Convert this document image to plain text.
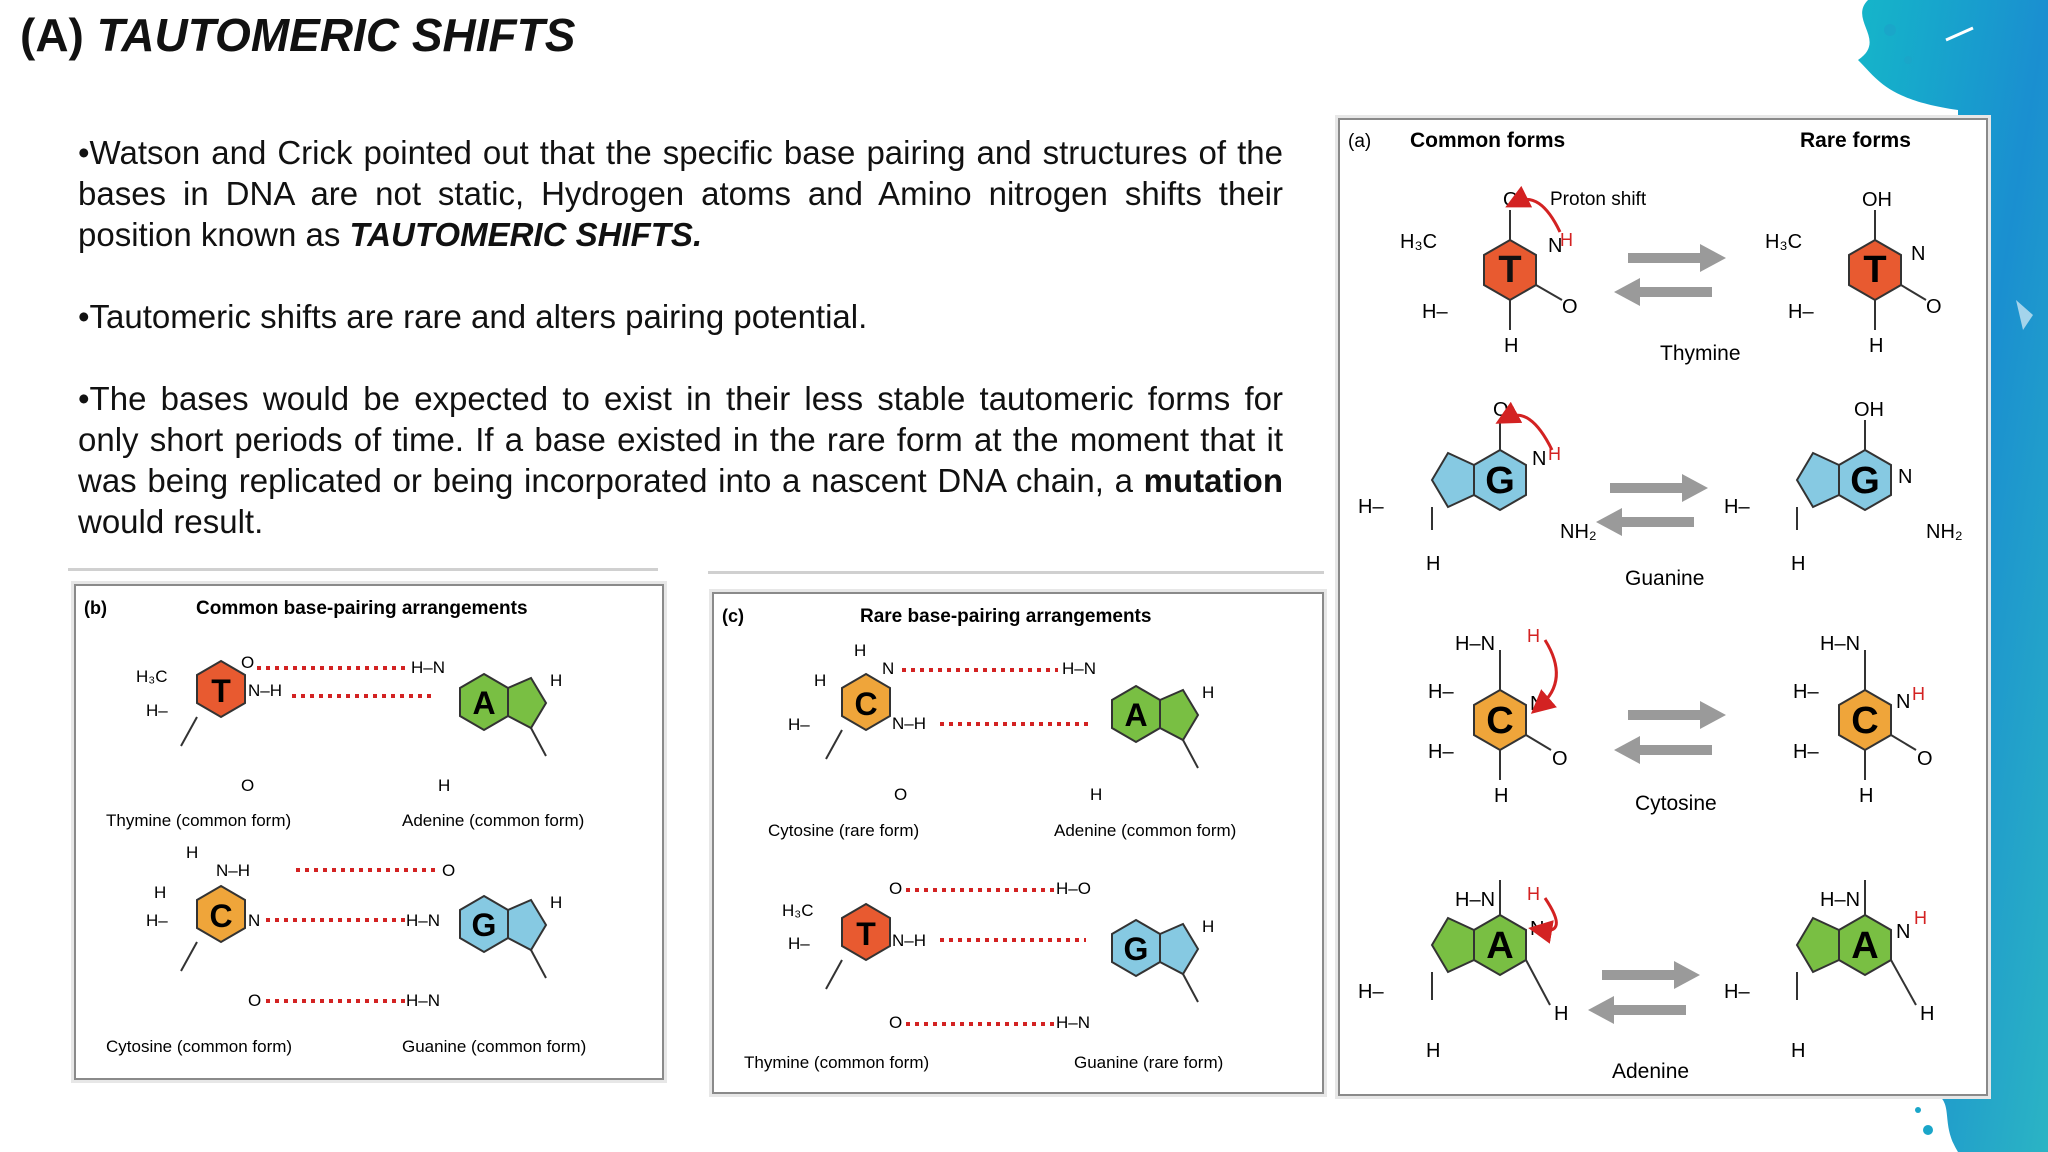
(A) TAUTOMERIC SHIFTS

•Watson and Crick pointed out that the specific base pairing and structures of the bases in DNA are not static, Hydrogen atoms and Amino nitrogen shifts their position known as TAUTOMERIC SHIFTS.

•Tautomeric shifts are rare and alters pairing potential.

•The bases would be expected to exist in their less stable tautomeric forms for only short periods of time. If a base existed in the rare form at the moment that it was being replicated or being incorporated into a nascent DNA chain, a mutation would result.

(a) Common forms	Rare forms
T
O
N
H
H₃C
O
H
H–
Proton shift
Thymine
T
OH
H₃C
N
O
H
H–
G
O
N H
NH₂
H–
H
Guanine
G
OH
N
NH₂
H–
H
C
H–N H
N
O
H
H–
H–
Cytosine
C
H–N
N H
O
H
H–
H–
A
H–N H
N
H
H–
H
Adenine
A
H–N
N
H
H
H–
H
(b)	Common base-pairing arrangements
T
O
N–H
H₃C
H–
O
H–N
A
H
H
Thymine (common form)	Adenine (common form)
C
H
N–H
H
H–	N
O
O
H–N
H–N
G
H
Cytosine (common form)	Guanine (common form)
(c)	Rare base-pairing arrangements
C
H
N
H
H–	N–H
O
H–N
A
H
H
Cytosine (rare form)	Adenine (common form)
T
H₃C
H–	N–H
O
O
H–O
H–N
G
H
Thymine (common form)	Guanine (rare form)
